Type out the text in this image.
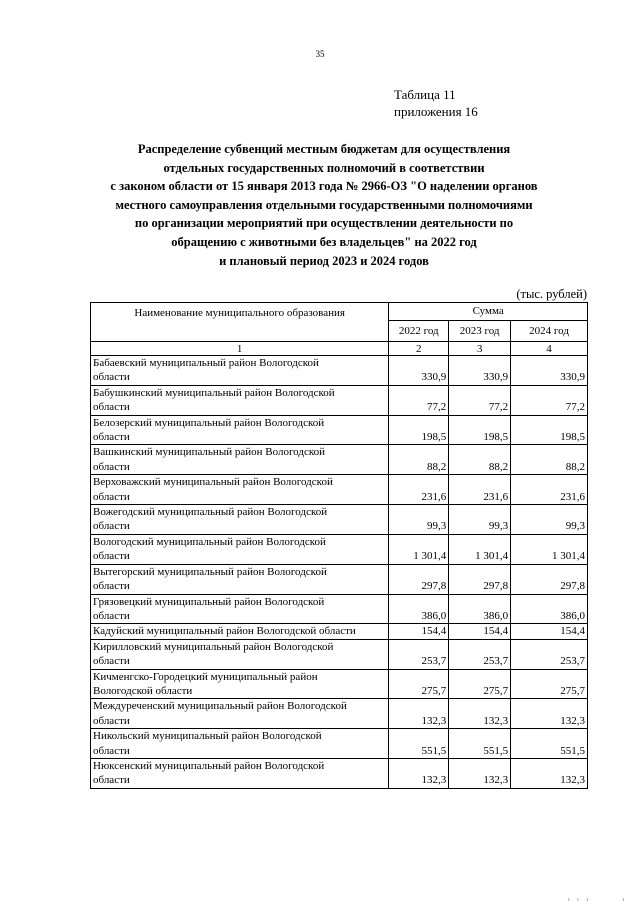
35
Таблица 11
приложения 16
Распределение субвенций местным бюджетам для осуществления
отдельных государственных полномочий в соответствии
с законом области от 15 января 2013 года № 2966-ОЗ "О наделении органов
местного самоуправления отдельными государственными полномочиями
по организации мероприятий при осуществлении деятельности по
обращению с животными без владельцев" на 2022 год
и плановый период 2023 и 2024 годов
(тыс. рублей)
Наименование муниципального образования	Сумма		
	2022 год	2023 год	2024 год
1	2	3	4

Бабаевский муниципальный район Вологодской
области	330,9	330,9	330,9

Бабушкинский муниципальный район Вологодской
области	77,2	77,2	77,2

Белозерский муниципальный район Вологодской
области	198,5	198,5	198,5

Вашкинский муниципальный район Вологодской
области	88,2	88,2	88,2

Верховажский муниципальный район Вологодской
области	231,6	231,6	231,6

Вожегодский муниципальный район Вологодской
области	99,3	99,3	99,3

Вологодский муниципальный район Вологодской
области	1 301,4	1 301,4	1 301,4

Вытегорский муниципальный район Вологодской
области	297,8	297,8	297,8

Грязовецкий муниципальный район Вологодской
области	386,0	386,0	386,0

Кадуйский муниципальный район Вологодской области	154,4	154,4	154,4

Кирилловский муниципальный район Вологодской
области	253,7	253,7	253,7

Кичменгско-Городецкий муниципальный район
Вологодской области	275,7	275,7	275,7

Междуреченский муниципальный район Вологодской
области	132,3	132,3	132,3

Никольский муниципальный район Вологодской
области	551,5	551,5	551,5

Нюксенский муниципальный район Вологодской
области	132,3	132,3	132,3
ı ı ı       ı
